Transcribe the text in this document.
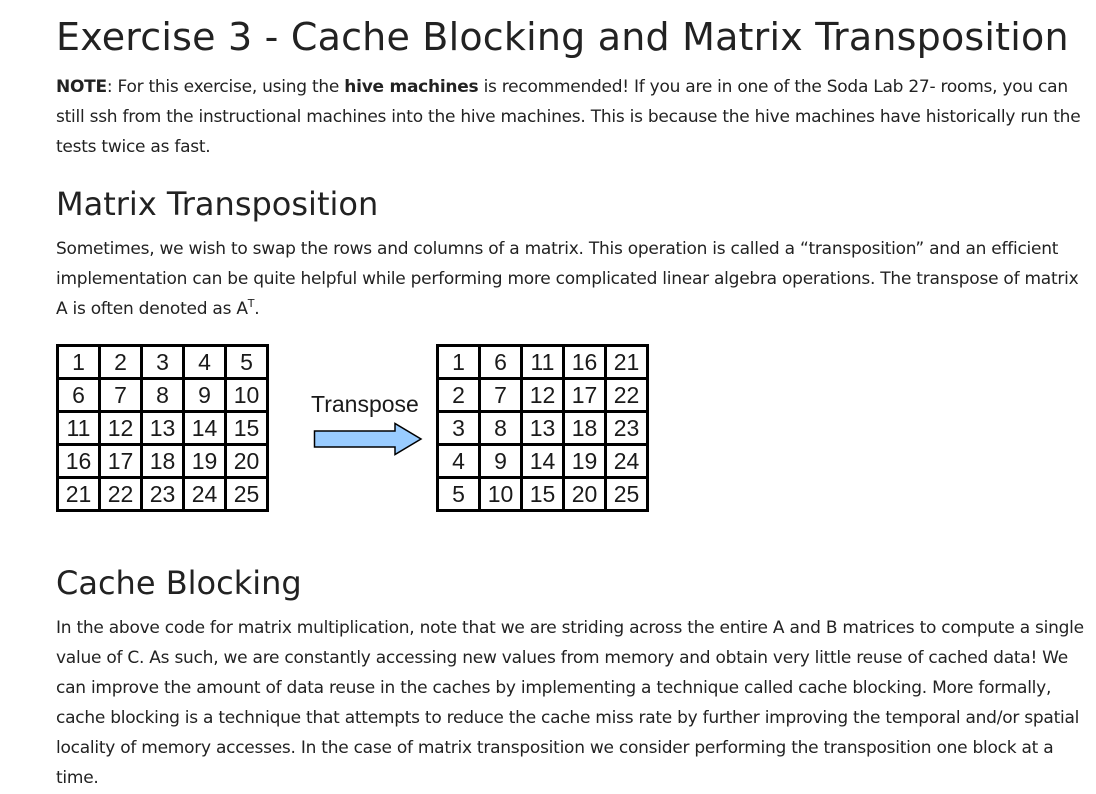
Exercise 3 - Cache Blocking and Matrix Transposition

NOTE: For this exercise, using the hive machines is recommended! If you are in one of the Soda Lab 27- rooms, you can still ssh from the instructional machines into the hive machines. This is because the hive machines have historically run the tests twice as fast.

Matrix Transposition

Sometimes, we wish to swap the rows and columns of a matrix. This operation is called a “transposition” and an efficient implementation can be quite helpful while performing more complicated linear algebra operations. The transpose of matrix A is often denoted as $A^T$.

1	2	3	4	5
6	7	8	9	10
11	12	13	14	15
16	17	18	19	20
21	22	23	24	25
Transpose
1	6	11	16	21
2	7	12	17	22
3	8	13	18	23
4	9	14	19	24
5	10	15	20	25
Cache Blocking

In the above code for matrix multiplication, note that we are striding across the entire A and B matrices to compute a single value of C. As such, we are constantly accessing new values from memory and obtain very little reuse of cached data! We can improve the amount of data reuse in the caches by implementing a technique called cache blocking. More formally, cache blocking is a technique that attempts to reduce the cache miss rate by further improving the temporal and/or spatial locality of memory accesses. In the case of matrix transposition we consider performing the transposition one block at a time.
